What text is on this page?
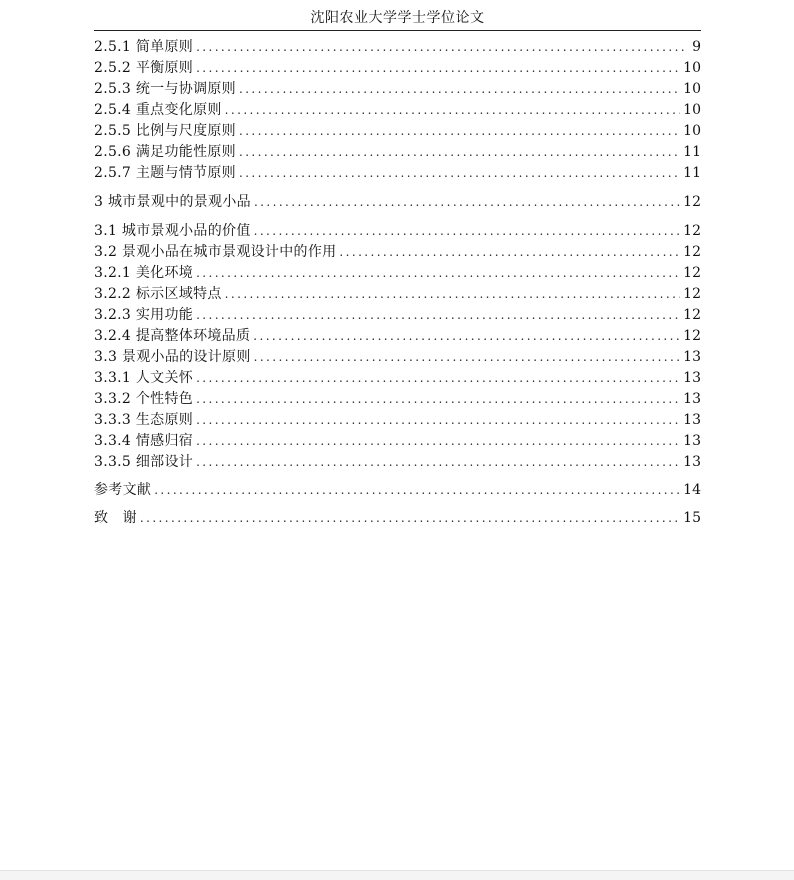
沈阳农业大学学士学位论文
2.5.1 简单原则 .....	9
2.5.2 平衡原则 .....	10
2.5.3 统一与协调原则 .....	10
2.5.4 重点变化原则 .....	10
2.5.5 比例与尺度原则 .....	10
2.5.6 满足功能性原则 .....	11
2.5.7 主题与情节原则 .....	11
3 城市景观中的景观小品 .....	12
3.1 城市景观小品的价值 .....	12
3.2 景观小品在城市景观设计中的作用 .....	12
3.2.1 美化环境 .....	12
3.2.2 标示区域特点 .....	12
3.2.3 实用功能 .....	12
3.2.4 提高整体环境品质 .....	12
3.3 景观小品的设计原则 .....	13
3.3.1 人文关怀 .....	13
3.3.2 个性特色 .....	13
3.3.3 生态原则 .....	13
3.3.4 情感归宿 .....	13
3.3.5 细部设计 .....	13
参考文献 .....	14
致　谢 .....	15
